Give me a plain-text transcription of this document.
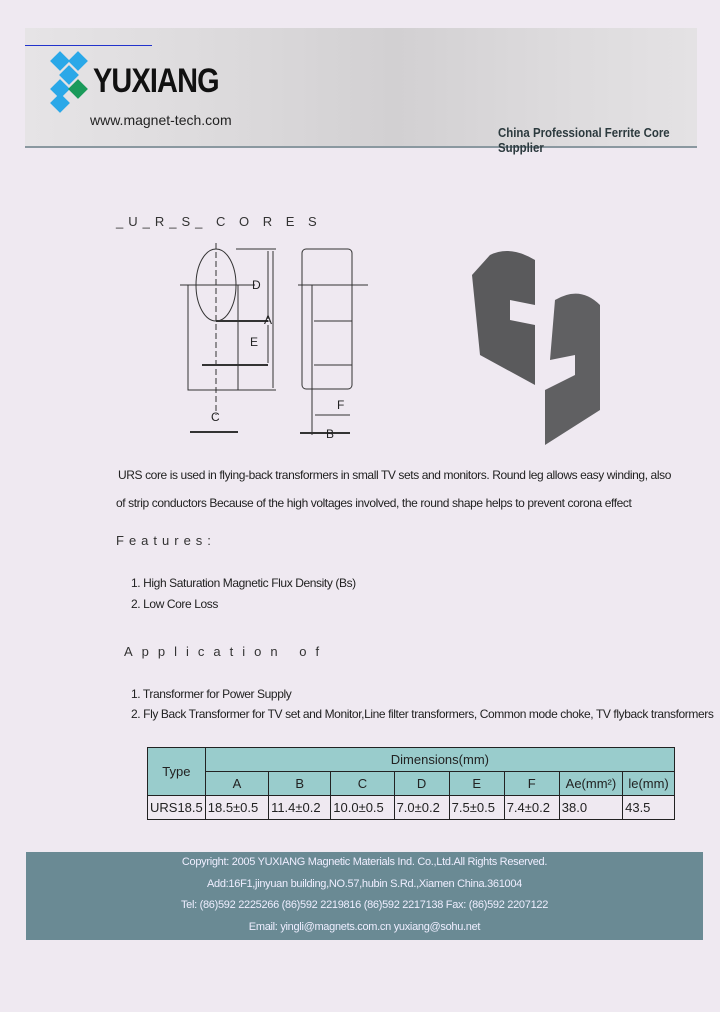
YUXIANG
www.magnet-tech.com
China Professional Ferrite Core Supplier
_U_R_S_ C O R E S
D
A
E
C
F
B
URS core is used in flying-back transformers in small TV sets and monitors. Round leg allows easy winding, also
of strip conductors Because of the high voltages involved, the round shape helps to prevent corona effect
Features:
1. High Saturation Magnetic Flux Density (Bs)
2. Low Core Loss
Application of
1. Transformer for Power Supply
2. Fly Back Transformer for TV set and Monitor,Line filter transformers, Common mode choke, TV flyback transformers
Type	Dimensions(mm)							
	A	B	C	D	E	F	Ae(mm²)	le(mm)
URS18.5	18.5±0.5	11.4±0.2	10.0±0.5	7.0±0.2	7.5±0.5	7.4±0.2	38.0	43.5
Copyright: 2005 YUXIANG Magnetic Materials Ind. Co.,Ltd.All Rights Reserved.
Add:16F1,jinyuan building,NO.57,hubin S.Rd.,Xiamen China.361004
Tel: (86)592 2225266 (86)592 2219816 (86)592 2217138 Fax: (86)592 2207122
Email: yingli@magnets.com.cn yuxiang@sohu.net
